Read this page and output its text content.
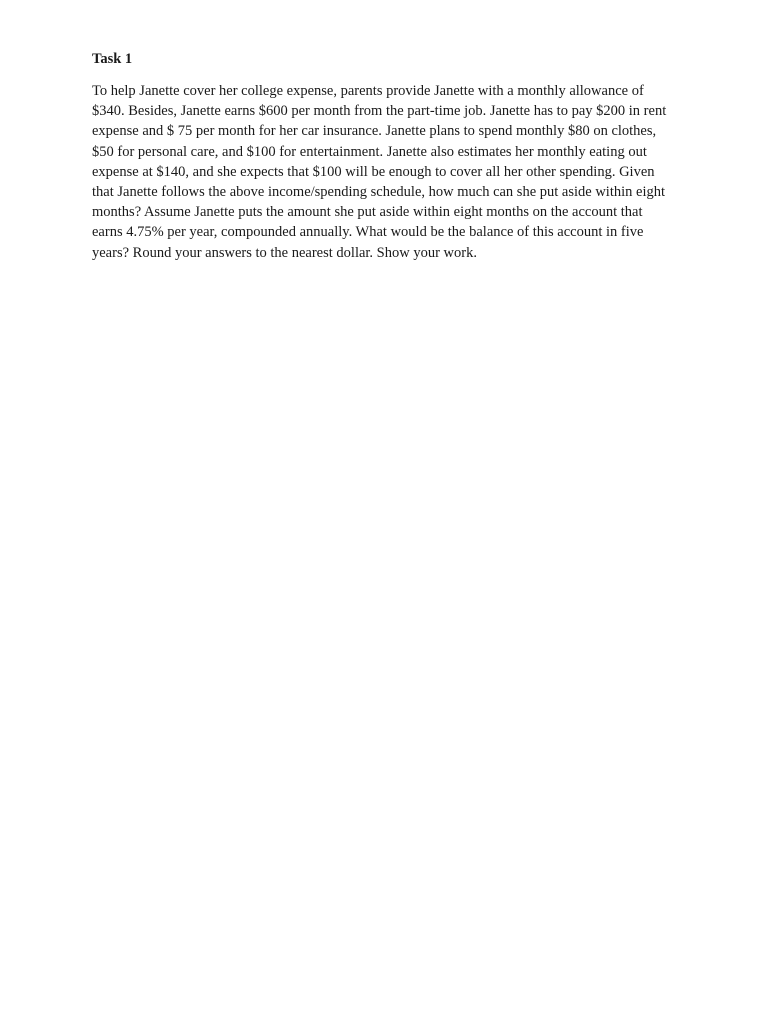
Task 1

To help Janette cover her college expense, parents provide Janette with a monthly allowance of
$340. Besides, Janette earns $600 per month from the part-time job. Janette has to pay $200 in rent
expense and $ 75 per month for her car insurance. Janette plans to spend monthly $80 on clothes,
$50 for personal care, and $100 for entertainment. Janette also estimates her monthly eating out
expense at $140, and she expects that $100 will be enough to cover all her other spending. Given
that Janette follows the above income/spending schedule, how much can she put aside within eight
months? Assume Janette puts the amount she put aside within eight months on the account that
earns 4.75% per year, compounded annually. What would be the balance of this account in five
years? Round your answers to the nearest dollar. Show your work.
